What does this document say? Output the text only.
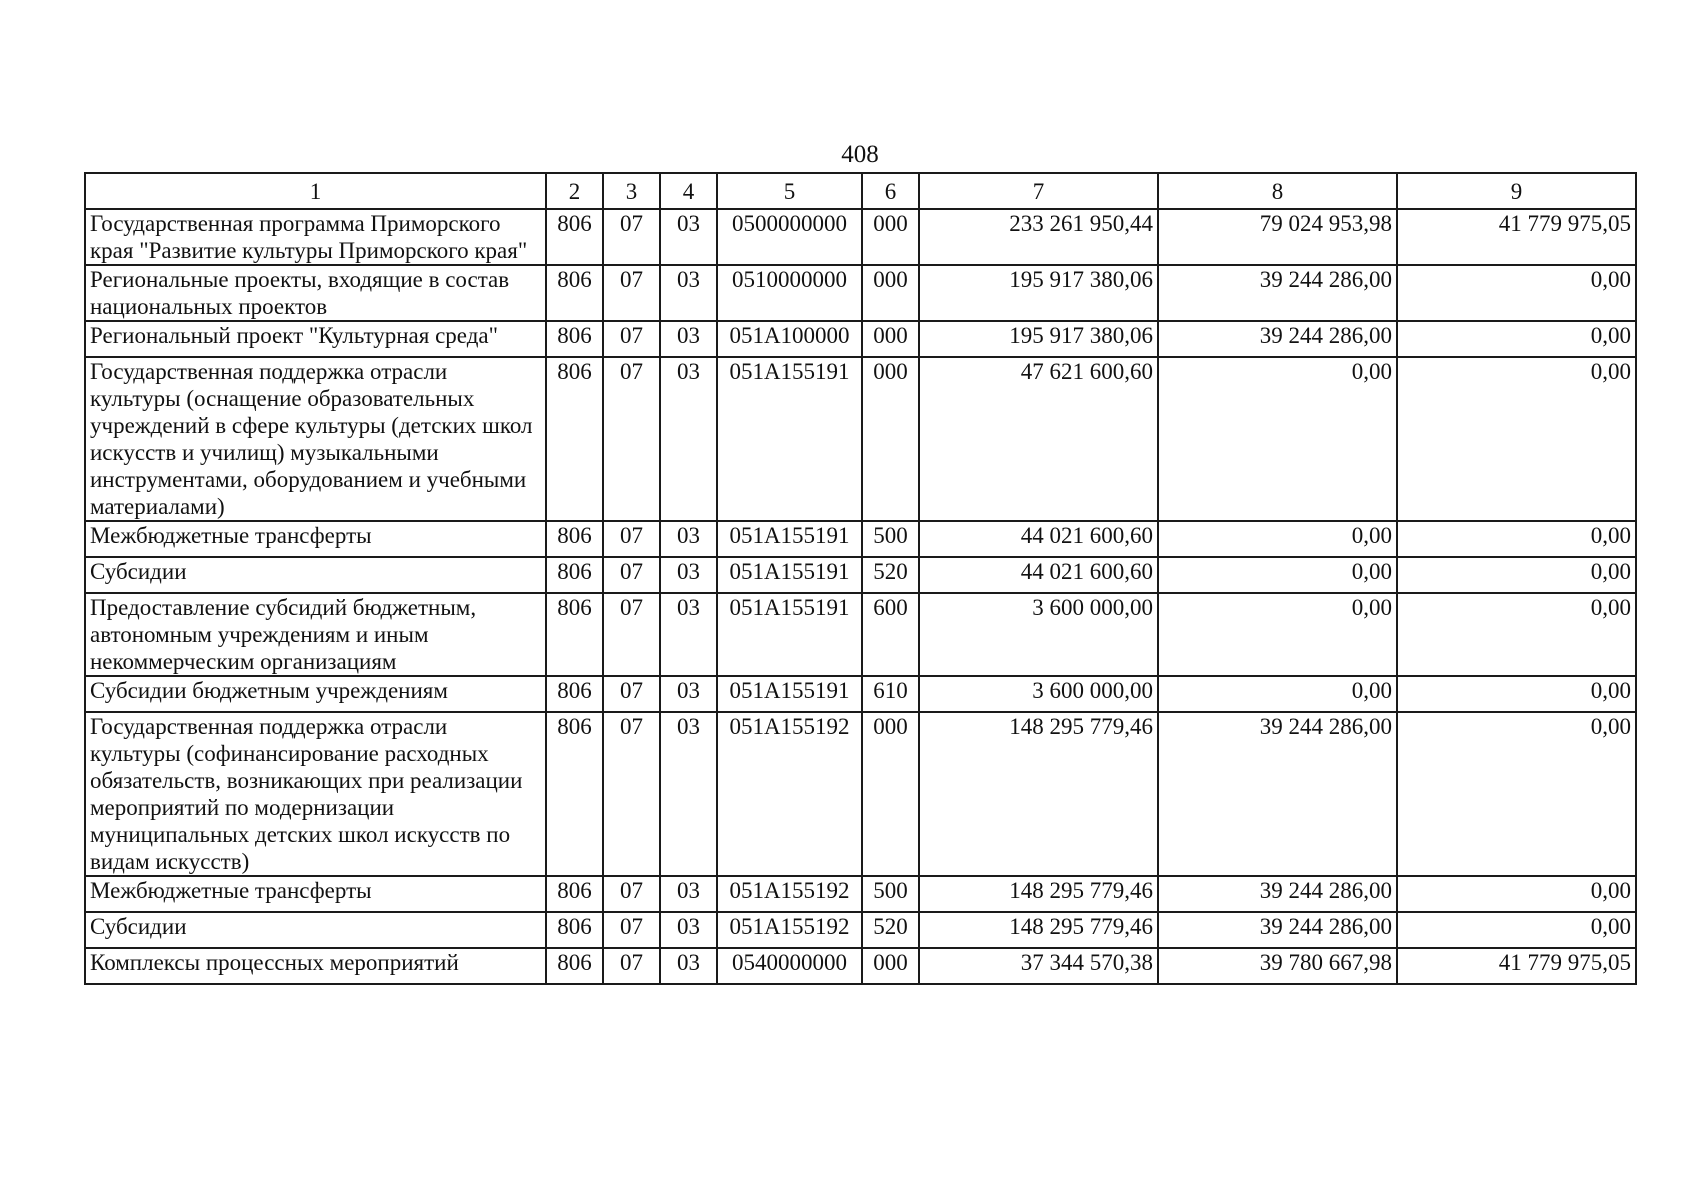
408
1	2	3	4	5	6	7	8	9
Государственная программа Приморского края "Развитие культуры Приморского края"	806	07	03	0500000000	000	233 261 950,44	79 024 953,98	41 779 975,05
Региональные проекты, входящие в состав национальных проектов	806	07	03	0510000000	000	195 917 380,06	39 244 286,00	0,00
Региональный проект "Культурная среда"	806	07	03	051A100000	000	195 917 380,06	39 244 286,00	0,00
Государственная поддержка отрасли культуры (оснащение образовательных учреждений в сфере культуры (детских школ искусств и училищ) музыкальными инструментами, оборудованием и учебными материалами)	806	07	03	051A155191	000	47 621 600,60	0,00	0,00
Межбюджетные трансферты	806	07	03	051A155191	500	44 021 600,60	0,00	0,00
Субсидии	806	07	03	051A155191	520	44 021 600,60	0,00	0,00
Предоставление субсидий бюджетным, автономным учреждениям и иным некоммерческим организациям	806	07	03	051A155191	600	3 600 000,00	0,00	0,00
Субсидии бюджетным учреждениям	806	07	03	051A155191	610	3 600 000,00	0,00	0,00
Государственная поддержка отрасли культуры (софинансирование расходных обязательств, возникающих при реализации мероприятий по модернизации муниципальных детских школ искусств по видам искусств)	806	07	03	051A155192	000	148 295 779,46	39 244 286,00	0,00
Межбюджетные трансферты	806	07	03	051A155192	500	148 295 779,46	39 244 286,00	0,00
Субсидии	806	07	03	051A155192	520	148 295 779,46	39 244 286,00	0,00
Комплексы процессных мероприятий	806	07	03	0540000000	000	37 344 570,38	39 780 667,98	41 779 975,05
